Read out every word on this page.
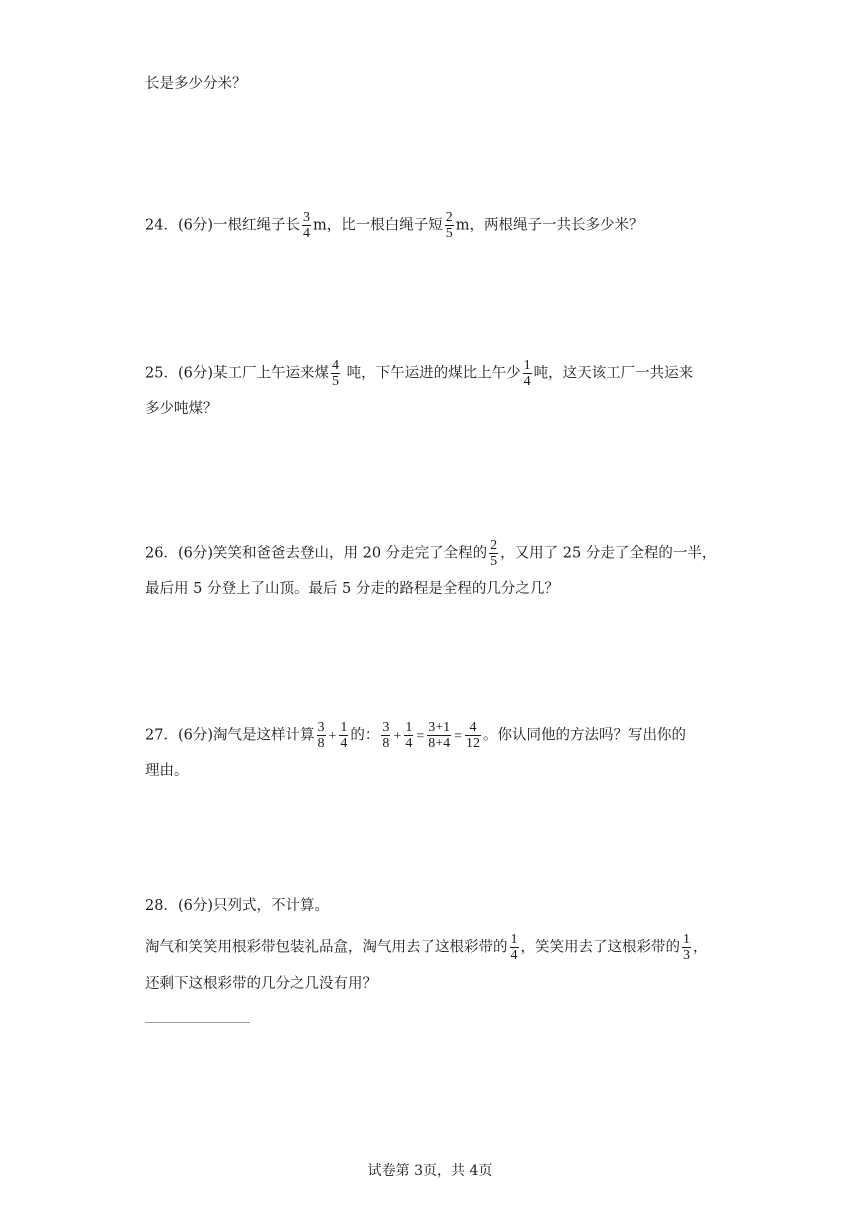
长是多少分米？
24．(6分)一根红绳子长 $\frac{3}{4}$ m，比一根白绳子短 $\frac{2}{5}$ m，两根绳子一共长多少米？
25．(6分)某工厂上午运来煤 $\frac{4}{5}$ 吨，下午运进的煤比上午少 $\frac{1}{4}$ 吨，这天该工厂一共运来
多少吨煤？
26．(6分)笑笑和爸爸去登山，用 20 分走完了全程的 $\frac{2}{5}$ ，又用了 25 分走了全程的一半，
最后用 5 分登上了山顶。最后 5 分走的路程是全程的几分之几？
27．(6分)淘气是这样计算 $\frac{3}{8} + \frac{1}{4}$ 的： $\frac{3}{8} + \frac{1}{4} = \frac{3+1}{8+4} = \frac{4}{12}$ 。你认同他的方法吗？写出你的
理由。
28．(6分)只列式，不计算。
淘气和笑笑用根彩带包装礼品盒，淘气用去了这根彩带的 $\frac{1}{4}$ ，笑笑用去了这根彩带的 $\frac{1}{3}$ ，
还剩下这根彩带的几分之几没有用？
试卷第 3页，共 4页
